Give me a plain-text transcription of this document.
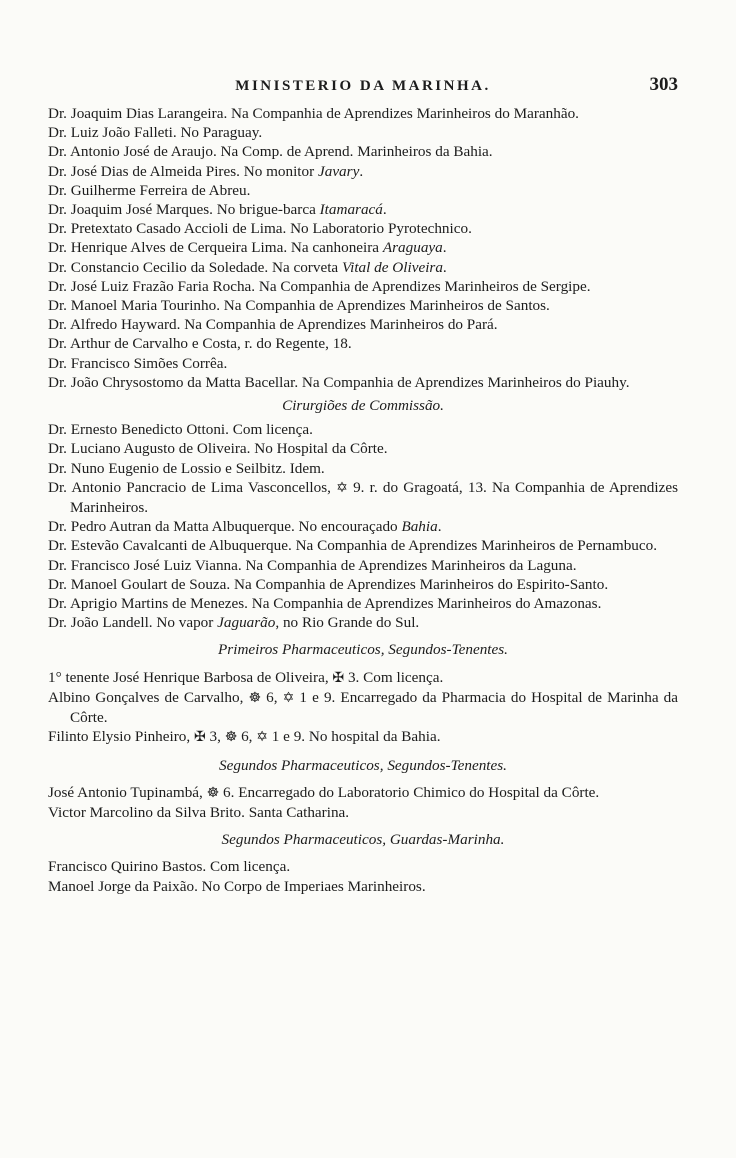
MINISTERIO DA MARINHA.	303
Dr. Joaquim Dias Larangeira. Na Companhia de Aprendizes Marinheiros do Maranhão.
Dr. Luiz João Falleti. No Paraguay.
Dr. Antonio José de Araujo. Na Comp. de Aprend. Marinheiros da Bahia.
Dr. José Dias de Almeida Pires. No monitor Javary.
Dr. Guilherme Ferreira de Abreu.
Dr. Joaquim José Marques. No brigue-barca Itamaracá.
Dr. Pretextato Casado Accioli de Lima. No Laboratorio Pyrotechnico.
Dr. Henrique Alves de Cerqueira Lima. Na canhoneira Araguaya.
Dr. Constancio Cecilio da Soledade. Na corveta Vital de Oliveira.
Dr. José Luiz Frazão Faria Rocha. Na Companhia de Aprendizes Marinheiros de Sergipe.
Dr. Manoel Maria Tourinho. Na Companhia de Aprendizes Marinheiros de Santos.
Dr. Alfredo Hayward. Na Companhia de Aprendizes Marinheiros do Pará.
Dr. Arthur de Carvalho e Costa, r. do Regente, 18.
Dr. Francisco Simões Corrêa.
Dr. João Chrysostomo da Matta Bacellar. Na Companhia de Aprendizes Marinheiros do Piauhy.
Cirurgiões de Commissão.
Dr. Ernesto Benedicto Ottoni. Com licença.
Dr. Luciano Augusto de Oliveira. No Hospital da Côrte.
Dr. Nuno Eugenio de Lossio e Seilbitz. Idem.
Dr. Antonio Pancracio de Lima Vasconcellos, ✡ 9. r. do Gragoatá, 13. Na Companhia de Aprendizes Marinheiros.
Dr. Pedro Autran da Matta Albuquerque. No encouraçado Bahia.
Dr. Estevão Cavalcanti de Albuquerque. Na Companhia de Aprendizes Marinheiros de Pernambuco.
Dr. Francisco José Luiz Vianna. Na Companhia de Aprendizes Marinheiros da Laguna.
Dr. Manoel Goulart de Souza. Na Companhia de Aprendizes Marinheiros do Espirito-Santo.
Dr. Aprigio Martins de Menezes. Na Companhia de Aprendizes Marinheiros do Amazonas.
Dr. João Landell. No vapor Jaguarão, no Rio Grande do Sul.
Primeiros Pharmaceuticos, Segundos-Tenentes.
1° tenente José Henrique Barbosa de Oliveira, ✠ 3. Com licença.
Albino Gonçalves de Carvalho, ☸ 6, ✡ 1 e 9. Encarregado da Pharmacia do Hospital de Marinha da Côrte.
Filinto Elysio Pinheiro, ✠ 3, ☸ 6, ✡ 1 e 9. No hospital da Bahia.
Segundos Pharmaceuticos, Segundos-Tenentes.
José Antonio Tupinambá, ☸ 6. Encarregado do Laboratorio Chimico do Hospital da Côrte.
Victor Marcolino da Silva Brito. Santa Catharina.
Segundos Pharmaceuticos, Guardas-Marinha.
Francisco Quirino Bastos. Com licença.
Manoel Jorge da Paixão. No Corpo de Imperiaes Marinheiros.
